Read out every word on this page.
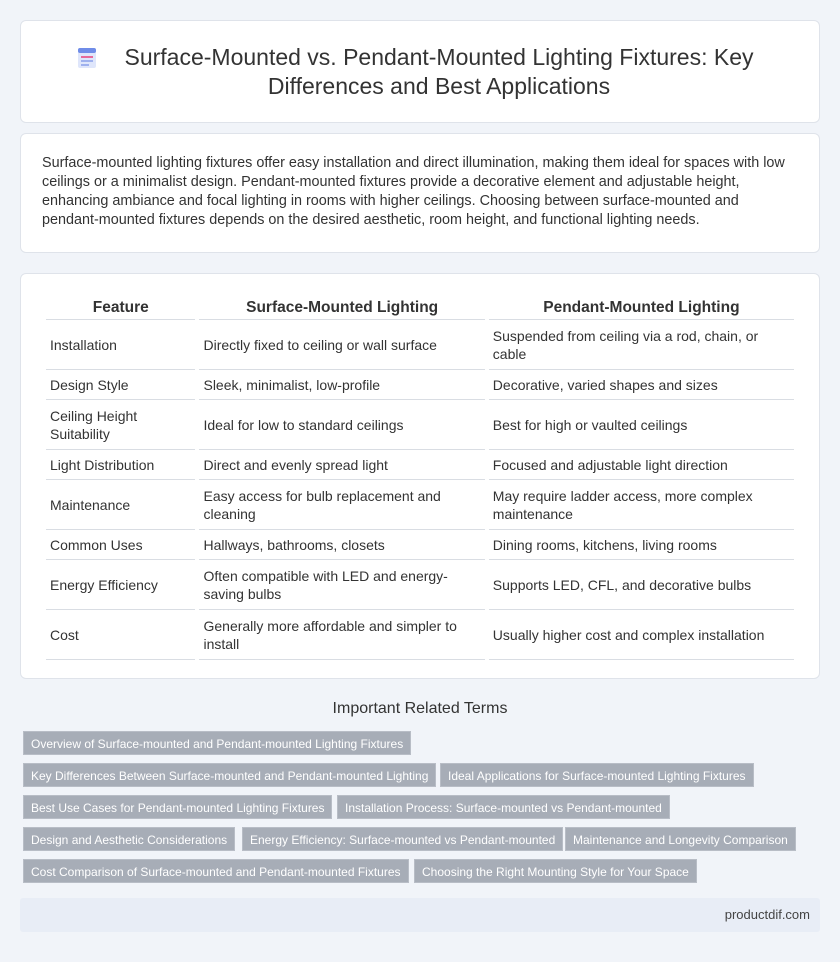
Surface-Mounted vs. Pendant-Mounted Lighting Fixtures: Key Differences and Best Applications

Surface-mounted lighting fixtures offer easy installation and direct illumination, making them ideal for spaces with low ceilings or a minimalist design. Pendant-mounted fixtures provide a decorative element and adjustable height, enhancing ambiance and focal lighting in rooms with higher ceilings. Choosing between surface-mounted and pendant-mounted fixtures depends on the desired aesthetic, room height, and functional lighting needs.

Feature	Surface-Mounted Lighting	Pendant-Mounted Lighting
Installation	Directly fixed to ceiling or wall surface	Suspended from ceiling via a rod, chain, or cable
Design Style	Sleek, minimalist, low-profile	Decorative, varied shapes and sizes
Ceiling Height Suitability	Ideal for low to standard ceilings	Best for high or vaulted ceilings
Light Distribution	Direct and evenly spread light	Focused and adjustable light direction
Maintenance	Easy access for bulb replacement and cleaning	May require ladder access, more complex maintenance
Common Uses	Hallways, bathrooms, closets	Dining rooms, kitchens, living rooms
Energy Efficiency	Often compatible with LED and energy-saving bulbs	Supports LED, CFL, and decorative bulbs
Cost	Generally more affordable and simpler to install	Usually higher cost and complex installation
Important Related Terms
Overview of Surface-mounted and Pendant-mounted Lighting Fixtures
Key Differences Between Surface-mounted and Pendant-mounted Lighting	Ideal Applications for Surface-mounted Lighting Fixtures
Best Use Cases for Pendant-mounted Lighting Fixtures	Installation Process: Surface-mounted vs Pendant-mounted
Design and Aesthetic Considerations	Energy Efficiency: Surface-mounted vs Pendant-mounted	Maintenance and Longevity Comparison
Cost Comparison of Surface-mounted and Pendant-mounted Fixtures	Choosing the Right Mounting Style for Your Space
productdif.com
